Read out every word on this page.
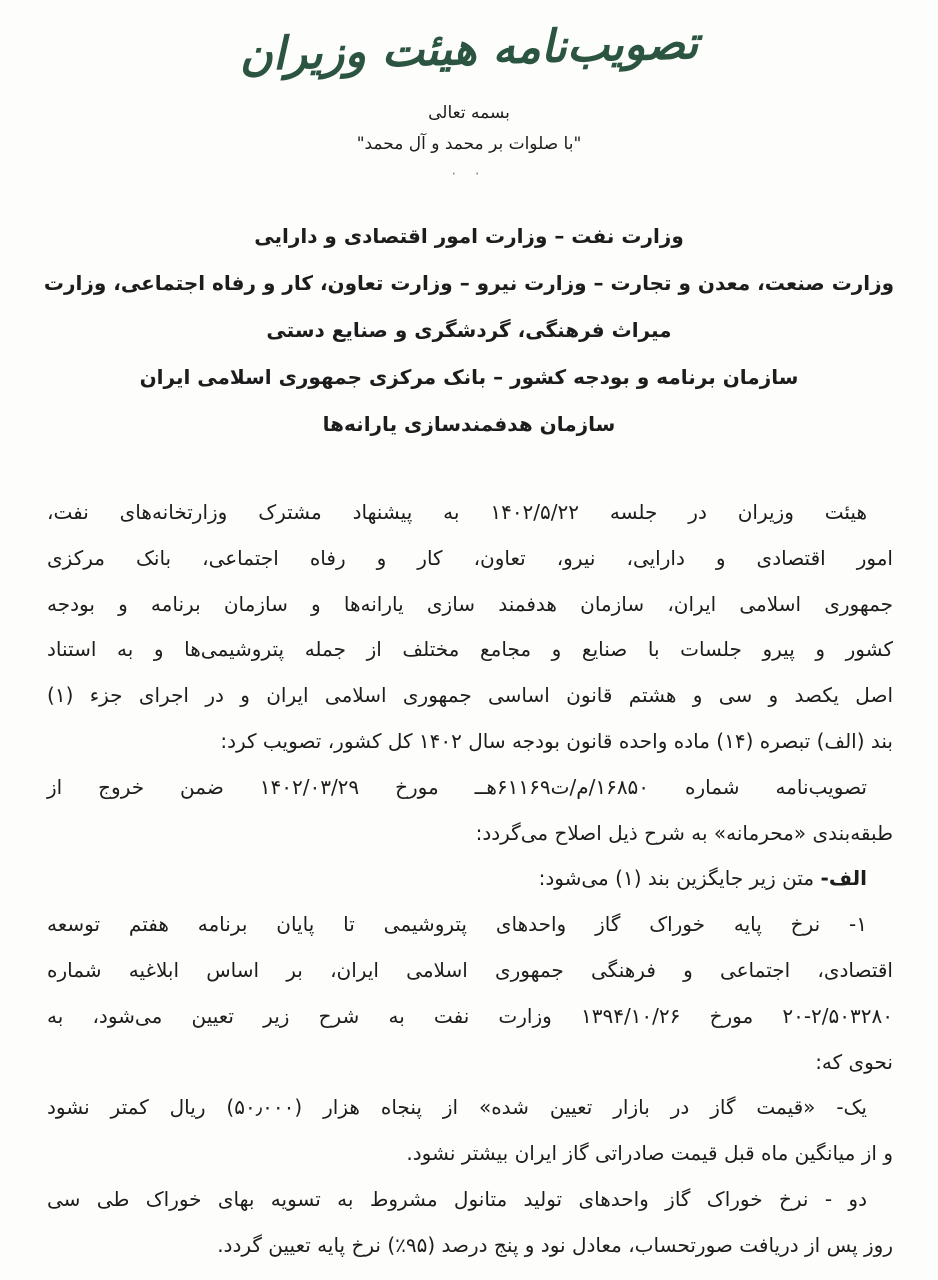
تصویب‌نامه هیئت وزیران
بسمه تعالی
"با صلوات بر محمد و آل محمد"
· ·
وزارت نفت – وزارت امور اقتصادی و دارایی
وزارت صنعت، معدن و تجارت – وزارت نیرو – وزارت تعاون، کار و رفاه اجتماعی، وزارت
میراث فرهنگی، گردشگری و صنایع دستی
سازمان برنامه و بودجه کشور – بانک مرکزی جمهوری اسلامی ایران
سازمان هدفمندسازی یارانه‌ها
هیئت وزیران در جلسه ۱۴۰۲/۵/۲۲ به پیشنهاد مشترک وزارتخانه‌های نفت،
امور اقتصادی و دارایی، نیرو، تعاون، کار و رفاه اجتماعی، بانک مرکزی
جمهوری اسلامی ایران، سازمان هدفمند سازی یارانه‌ها و سازمان برنامه و بودجه
کشور و پیرو جلسات با صنایع و مجامع مختلف از جمله پتروشیمی‌ها و به استناد
اصل یکصد و سی و هشتم قانون اساسی جمهوری اسلامی ایران و در اجرای جزء (۱)
بند (الف) تبصره (۱۴) ماده واحده قانون بودجه سال ۱۴۰۲ کل کشور، تصویب کرد:
تصویب‌نامه شماره ۱۶۸۵۰/م/ت۶۱۱۶۹هــ مورخ ۱۴۰۲/۰۳/۲۹ ضمن خروج از
طبقه‌بندی «محرمانه» به شرح ذیل اصلاح می‌گردد:
الف- متن زیر جایگزین بند (۱) می‌شود:
۱- نرخ پایه خوراک گاز واحدهای پتروشیمی تا پایان برنامه هفتم توسعه
اقتصادی، اجتماعی و فرهنگی جمهوری اسلامی ایران، بر اساس ابلاغیه شماره
۲۰-۲/۵۰۳۲۸۰ مورخ ۱۳۹۴/۱۰/۲۶ وزارت نفت به شرح زیر تعیین می‌شود، به
نحوی که:
یک- «قیمت گاز در بازار تعیین شده» از پنجاه هزار (۵۰٫۰۰۰) ریال کمتر نشود
و از میانگین ماه قبل قیمت صادراتی گاز ایران بیشتر نشود.
دو - نرخ خوراک گاز واحدهای تولید متانول مشروط به تسویه بهای خوراک طی سی
روز پس از دریافت صورتحساب، معادل نود و پنج درصد (۹۵٪) نرخ پایه تعیین گردد.
